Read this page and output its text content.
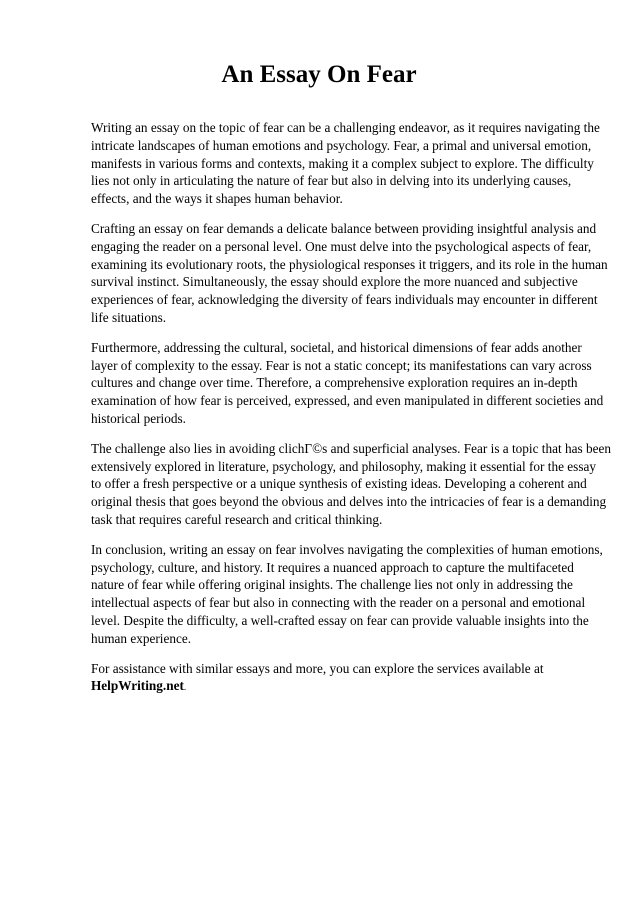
An Essay On Fear

Writing an essay on the topic of fear can be a challenging endeavor, as it requires navigating the
intricate landscapes of human emotions and psychology. Fear, a primal and universal emotion,
manifests in various forms and contexts, making it a complex subject to explore. The difficulty
lies not only in articulating the nature of fear but also in delving into its underlying causes,
effects, and the ways it shapes human behavior.

Crafting an essay on fear demands a delicate balance between providing insightful analysis and
engaging the reader on a personal level. One must delve into the psychological aspects of fear,
examining its evolutionary roots, the physiological responses it triggers, and its role in the human
survival instinct. Simultaneously, the essay should explore the more nuanced and subjective
experiences of fear, acknowledging the diversity of fears individuals may encounter in different
life situations.

Furthermore, addressing the cultural, societal, and historical dimensions of fear adds another
layer of complexity to the essay. Fear is not a static concept; its manifestations can vary across
cultures and change over time. Therefore, a comprehensive exploration requires an in-depth
examination of how fear is perceived, expressed, and even manipulated in different societies and
historical periods.

The challenge also lies in avoiding clichГ©s and superficial analyses. Fear is a topic that has been
extensively explored in literature, psychology, and philosophy, making it essential for the essay
to offer a fresh perspective or a unique synthesis of existing ideas. Developing a coherent and
original thesis that goes beyond the obvious and delves into the intricacies of fear is a demanding
task that requires careful research and critical thinking.

In conclusion, writing an essay on fear involves navigating the complexities of human emotions,
psychology, culture, and history. It requires a nuanced approach to capture the multifaceted
nature of fear while offering original insights. The challenge lies not only in addressing the
intellectual aspects of fear but also in connecting with the reader on a personal and emotional
level. Despite the difficulty, a well-crafted essay on fear can provide valuable insights into the
human experience.

For assistance with similar essays and more, you can explore the services available at
HelpWriting.net.
